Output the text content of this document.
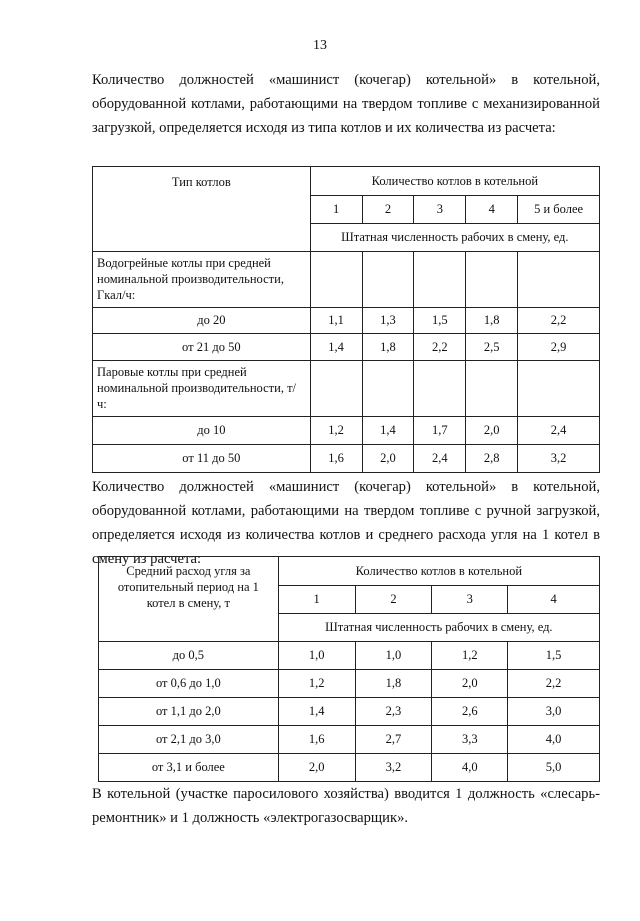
13
Количество должностей «машинист (кочегар) котельной» в котельной, оборудованной котлами, работающими на твердом топливе с механизированной загрузкой, определяется исходя из типа котлов и их количества из расчета:
Тип котлов	Количество котлов в котельной				
	1	2	3	4	5 и более
	Штатная численность рабочих в смену, ед.				
Водогрейные котлы при средней номинальной производительности, Гкал/ч:					
до 20	1,1	1,3	1,5	1,8	2,2
от 21 до 50	1,4	1,8	2,2	2,5	2,9
Паровые котлы при средней номинальной производительности, т/ч:					
до 10	1,2	1,4	1,7	2,0	2,4
от 11 до 50	1,6	2,0	2,4	2,8	3,2
Количество должностей «машинист (кочегар) котельной» в котельной, оборудованной котлами, работающими на твердом топливе с ручной загрузкой, определяется исходя из количества котлов и среднего расхода угля на 1 котел в смену из расчета:
Средний расход угля за отопительный период на 1 котел в смену, т	Количество котлов в котельной			
	1	2	3	4
	Штатная численность рабочих в смену, ед.			
до 0,5	1,0	1,0	1,2	1,5
от 0,6 до 1,0	1,2	1,8	2,0	2,2
от 1,1 до 2,0	1,4	2,3	2,6	3,0
от 2,1 до 3,0	1,6	2,7	3,3	4,0
от 3,1 и более	2,0	3,2	4,0	5,0
В котельной (участке паросилового хозяйства) вводится 1 должность «слесарь-ремонтник» и 1 должность «электрогазосварщик».
